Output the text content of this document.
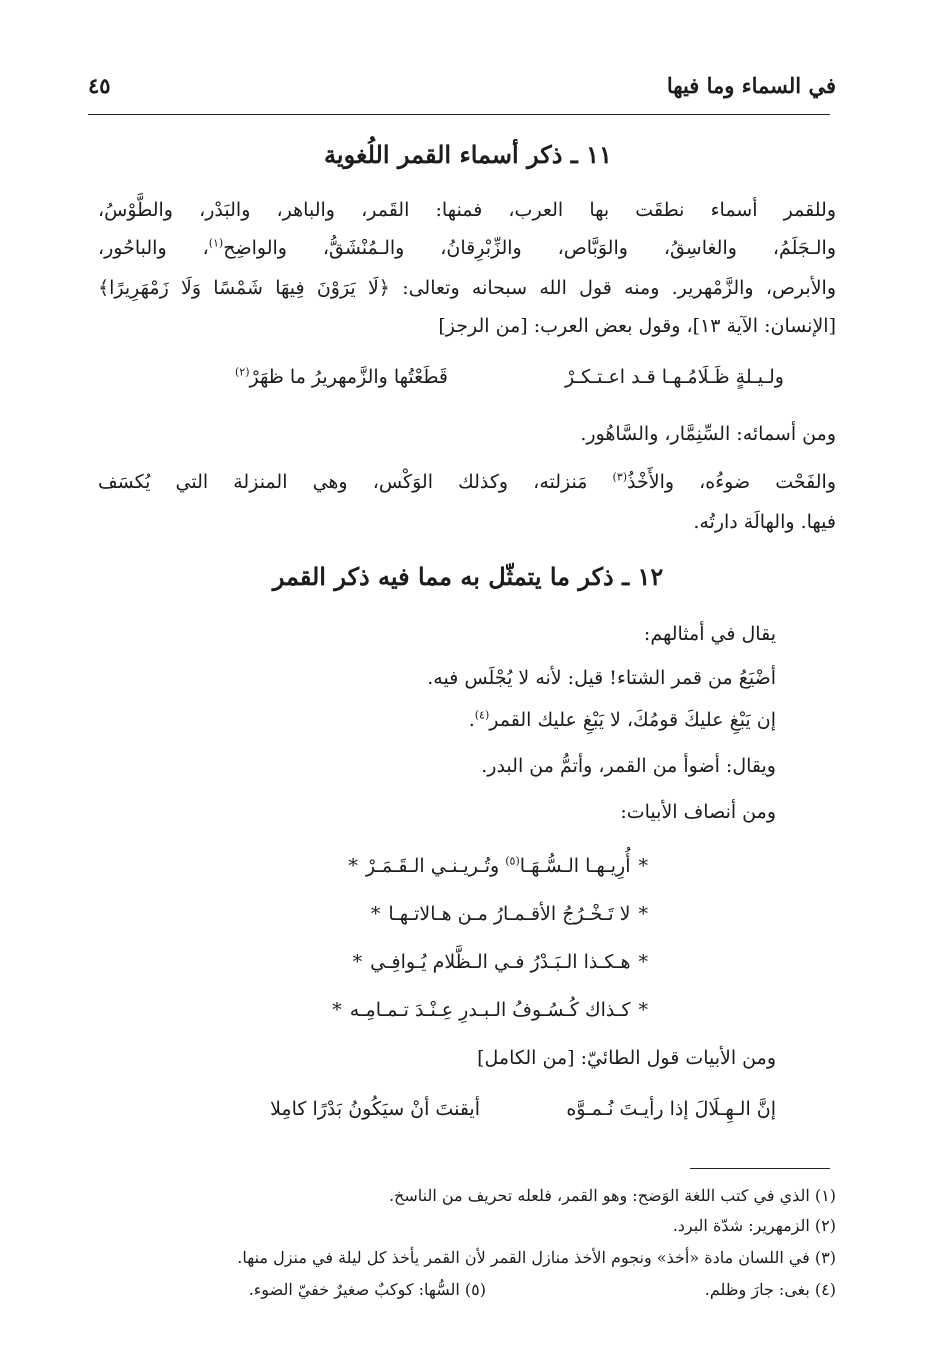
في السماء وما فيها
٤٥
١١ ـ ذكر أسماء القمر اللُغوية
وللقمر أسماء نطقَت بها العرب، فمنها: القَمر، والباهر، والبَدْر، والطَّوْسُ،
والـجَلَمُ، والغاسِقُ، والوَبَّاص، والزِّبْرِقانُ، والـمُنْشَقُّ، والواضِح$^{(١)}$، والباحُور،
والأبرص، والزَّمْهرير. ومنه قول الله سبحانه وتعالى: ﴿لَا يَرَوْنَ فِيهَا شَمْسًا وَلَا زَمْهَرِيرًا﴾
[الإنسان: الآية ١٣]، وقول بعض العرب: [من الرجز]
ولـيـلةٍ ظَـلَامُـهـا قـد اعـتـكـرْ
قَطَعْتُها والزَّمهريرُ ما ظهَرْ$^{(٢)}$
ومن أسمائه: السِّنِمَّار، والسَّاهُور.
والفَحْت ضوءُه، والأَخْذُ$^{(٣)}$ مَنزلته، وكذلك الوَكْس، وهي المنزلة التي يُكسَف
فيها. والهالَة دارتُه.
١٢ ـ ذكر ما يتمثّل به مما فيه ذكر القمر
يقال في أمثالهم:
أضْيَعُ من قمر الشتاء! قيل: لأنه لا يُجْلَس فيه.
إن يَبْغِ عليكَ قومُكَ، لا يَبْغِ عليك القمر$^{(٤)}$.
ويقال: أضوأ من القمر، وأتمُّ من البدر.
ومن أنصاف الأبيات:
*أُرِيـهـا الـسُّـهَـا$^{(٥)}$ وتُـريـنـي الـقَـمَـرْ*
*لا تَـخْـرُجُ الأقـمـارُ مـن هـالاتـهـا*
*هـكـذا الـبَـدْرُ فـي الـظَّلام يُـوافِـي*
*كـذاك كُـسُـوفُ الـبـدرِ عِـنْـدَ تـمـامِـه*
ومن الأبيات قول الطائيّ: [من الكامل]
إنَّ الـهِـلَالَ إذا رأيـتَ نُـمـوَّه
أيقنتَ أنْ سيَكُونُ بَدْرًا كامِلا
(١) الذي في كتب اللغة الوَضح: وهو القمر، فلعله تحريف من الناسخ.
(٢) الزمهرير: شدّة البرد.
(٣) في اللسان مادة «أخذ» ونجوم الأخذ منازل القمر لأن القمر يأخذ كل ليلة في منزل منها.
(٤) بغى: جارَ وظلم.
(٥) السُّها: كوكبٌ صغيرٌ خفيّ الضوء.
